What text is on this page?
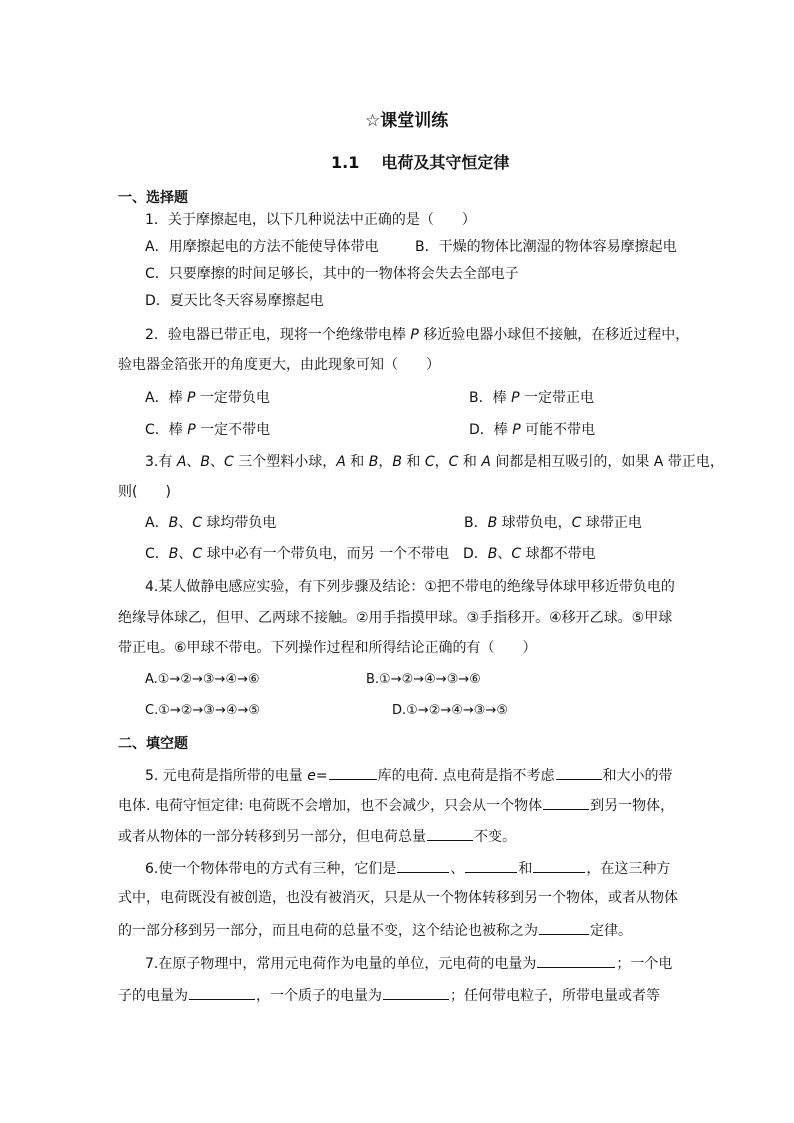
☆课堂训练
1.1 电荷及其守恒定律
一、选择题
1．关于摩擦起电，以下几种说法中正确的是（　　）
A．用摩擦起电的方法不能使导体带电	B．干燥的物体比潮湿的物体容易摩擦起电
C．只要摩擦的时间足够长，其中的一物体将会失去全部电子
D．夏天比冬天容易摩擦起电
2．验电器已带正电，现将一个绝缘带电棒 P 移近验电器小球但不接触，在移近过程中，
验电器金箔张开的角度更大，由此现象可知（　　）
A．棒 P 一定带负电	B．棒 P 一定带正电
C．棒 P 一定不带电	D．棒 P 可能不带电
3.有 A、B、C 三个塑料小球，A 和 B，B 和 C，C 和 A 间都是相互吸引的，如果 A 带正电，
则(　　)
A．B、C 球均带负电	B．B 球带负电，C 球带正电
C．B、C 球中必有一个带负电，而另 一个不带电 D．B、C 球都不带电
4.某人做静电感应实验，有下列步骤及结论：①把不带电的绝缘导体球甲移近带负电的
绝缘导体球乙，但甲、乙两球不接触。②用手指摸甲球。③手指移开。④移开乙球。⑤甲球
带正电。⑥甲球不带电。下列操作过程和所得结论正确的有（　　）
A.①→②→③→④→⑥	B.①→②→④→③→⑥
C.①→②→③→④→⑤	D.①→②→④→③→⑤
二、填空题
5. 元电荷是指所带的电量 e=	库的电荷. 点电荷是指不考虑	和大小的带
电体. 电荷守恒定律: 电荷既不会增加，也不会减少，只会从一个物体	到另一物体，
或者从物体的一部分转移到另一部分，但电荷总量	不变。
6.使一个物体带电的方式有三种，它们是	、	和	，在这三种方
式中，电荷既没有被创造，也没有被消灭，只是从一个物体转移到另一个物体，或者从物体
的一部分移到另一部分，而且电荷的总量不变，这个结论也被称之为	定律。
7.在原子物理中，常用元电荷作为电量的单位，元电荷的电量为	；一个电
子的电量为	，一个质子的电量为	；任何带电粒子，所带电量或者等
